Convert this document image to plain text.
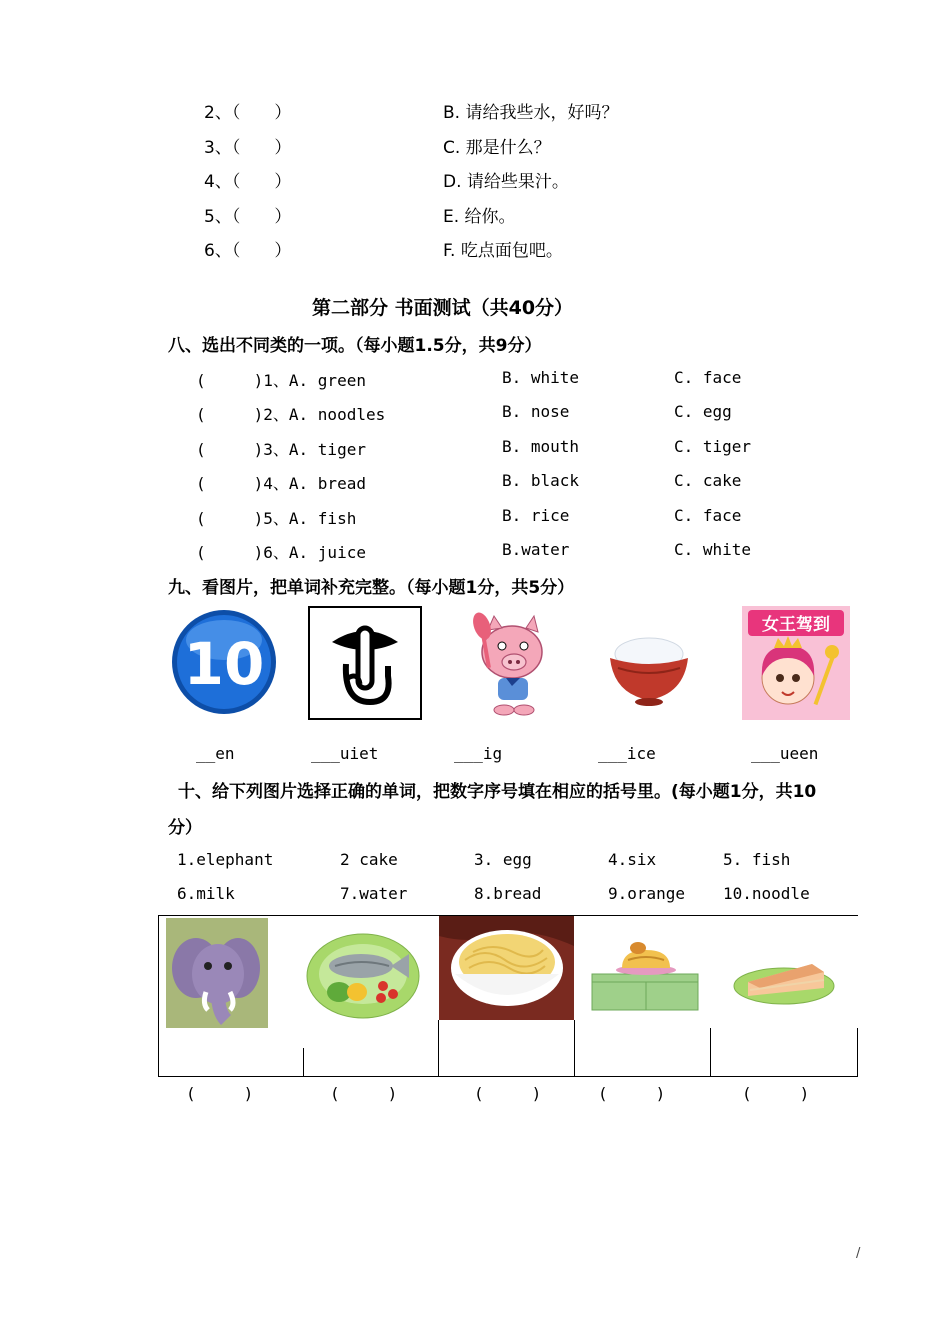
2、（　　）	B. 请给我些水，好吗？
3、（　　）	C. 那是什么？
4、（　　）	D. 请给些果汁。
5、（　　）	E. 给你。
6、（　　）	F. 吃点面包吧。
第二部分 书面测试（共40分）
八、选出不同类的一项。（每小题1.5分，共9分）
(　　　)1、A. green	B. white	C. face
(　　　)2、A. noodles	B. nose	C. egg
(　　　)3、A. tiger	B. mouth	C. tiger
(　　　)4、A. bread	B. black	C. cake
(　　　)5、A. fish	B. rice	C. face
(　　　)6、A. juice	B.water	C. white
九、看图片，把单词补充完整。（每小题1分，共5分）
10
女王驾到
__en	___uiet	___ig	___ice	___ueen
十、给下列图片选择正确的单词，把数字序号填在相应的括号里。(每小题1分，共10
分）
1.elephant	2 cake	3. egg	4.six	5. fish
6.milk	7.water	8.bread	9.orange 10.noodle
(　　　)	(　　　)	(　　　)	(　　　)	(　　　)
/
